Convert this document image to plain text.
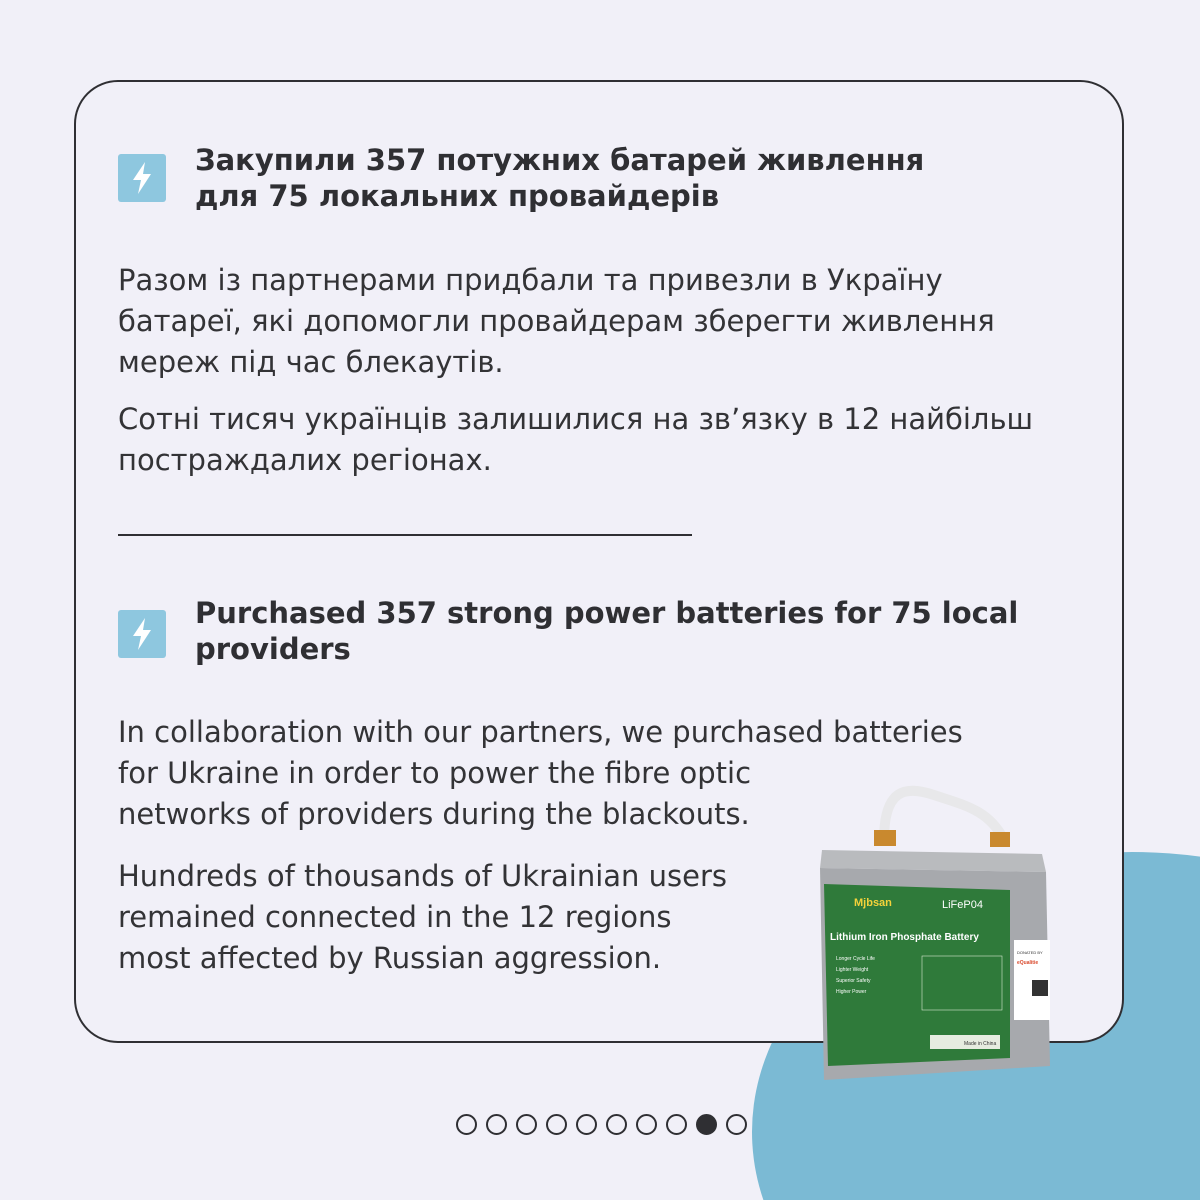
Закупили 357 потужних батарей живлення
для 75 локальних провайдерів
Разом із партнерами придбали та привезли в Україну
батареї, які допомогли провайдерам зберегти живлення
мереж під час блекаутів.
Сотні тисяч українців залишилися на зв’язку в 12 найбільш
постраждалих регіонах.
Purchased 357 strong power batteries for 75 local
providers
In collaboration with our partners, we purchased batteries
for Ukraine in order to power the fibre optic
networks of providers during the blackouts.
Hundreds of thousands of Ukrainian users
remained connected in the 12 regions
most affected by Russian aggression.
Mjbsan	LiFeP04
Lithium Iron Phosphate Battery
Longer Cycle Life
Lighter Weight
Superior Safety
Higher Power
Made in China
DONATED BY
eQualitie
